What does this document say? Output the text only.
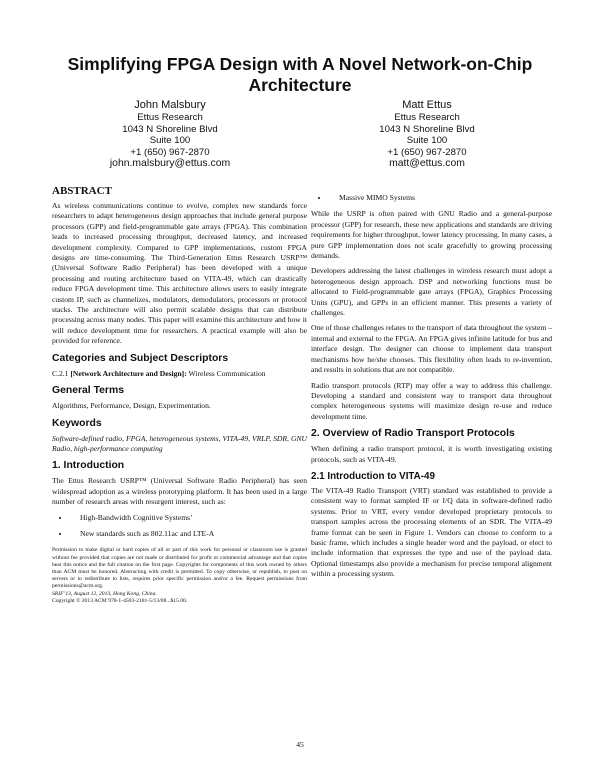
Simplifying FPGA Design with A Novel Network-on-Chip Architecture
John Malsbury
Ettus Research
1043 N Shoreline Blvd
Suite 100
+1 (650) 967-2870
john.malsbury@ettus.com
Matt Ettus
Ettus Research
1043 N Shoreline Blvd
Suite 100
+1 (650) 967-2870
matt@ettus.com
ABSTRACT

As wireless communications continue to evolve, complex new standards force researchers to adapt heterogeneous design approaches that include general purpose processors (GPP) and field-programmable gate arrays (FPGA). This combination leads to increased processing throughput, decreased latency, and increased development complexity. Compared to GPP implementations, custom FPGA designs are time-consuming. The Third-Generation Ettus Research USRP™ (Universal Software Radio Peripheral) has been developed with a unique processing and routing architecture based on VITA-49, which can drastically reduce FPGA development time. This architecture allows users to easily integrate custom IP, such as channelizes, modulators, demodulators, processors or protocol stacks. The architecture will also permit scalable designs that can distribute processing across many nodes. This paper will examine this architecture and how it will reduce development time for researchers. A practical example will also be provided for reference.

Categories and Subject Descriptors

C.2.1 [Network Architecture and Design]: Wireless Communication

General Terms

Algorithms, Performance, Design, Experimentation.

Keywords

Software-defined radio, FPGA, heterogeneous systems, VITA-49, VRLP, SDR, GNU Radio, high-performance computing

1. Introduction

The Ettus Research USRP™ (Universal Software Radio Peripheral) has seen widespread adoption as a wireless prototyping platform. It has been used in a large number of research areas with resurgent interest, such as:

• High-Bandwidth Cognitive Systems’
• New standards such as 802.11ac and LTE-A
Permission to make digital or hard copies of all or part of this work for personal or classroom use is granted without fee provided that copies are not made or distributed for profit or commercial advantage and that copies bear this notice and the full citation on the first page. Copyrights for components of this work owned by others than ACM must be honored. Abstracting with credit is permitted. To copy otherwise, or republish, to post on servers or to redistribute to lists, requires prior specific permission and/or a fee. Request permissions from permissions@acm.org.
SRIF’13, August 12, 2013, Hong Kong, China.
Copyright © 2013 ACM 978-1-4503-2181-5/13/08...$15.00.
• Massive MIMO Systems

While the USRP is often paired with GNU Radio and a general-purpose processor (GPP) for research, these new applications and standards are driving requirements for higher throughput, lower latency processing. In many cases, a pure GPP implementation does not scale gracefully to growing processing demands.

Developers addressing the latest challenges in wireless research must adopt a heterogeneous design approach. DSP and networking functions must be allocated to Field-programmable gate arrays (FPGA), Graphics Processing Units (GPU), and GPPs in an efficient manner. This presents a variety of challenges.

One of those challenges relates to the transport of data throughout the system – internal and external to the FPGA. An FPGA gives infinite latitude for bus and interface design. The designer can choose to implement data transport mechanisms how he/she chooses. This flexibility often leads to re-invention, and results in solutions that are not compatible.

Radio transport protocols (RTP) may offer a way to address this challenge. Developing a standard and consistent way to transport data throughout complex heterogeneous systems will maximize design re-use and reduce development time.

2. Overview of Radio Transport Protocols

When defining a radio transport protocol, it is worth investigating existing protocols, such as VITA-49.

2.1 Introduction to VITA-49

The VITA-49 Radio Transport (VRT) standard was established to provide a consistent way to format sampled IF or I/Q data in software-defined radio systems. Prior to VRT, every vendor developed proprietary protocols to transport samples across the processing elements of an SDR. The VITA-49 frame format can be seen in Figure 1. Vendors can choose to conform to a basic frame, which includes a single header word and the payload, or elect to include information that expresses the type and use of the payload data. Optional timestamps also provide a mechanism for precise temporal alignment within a processing system.

45
